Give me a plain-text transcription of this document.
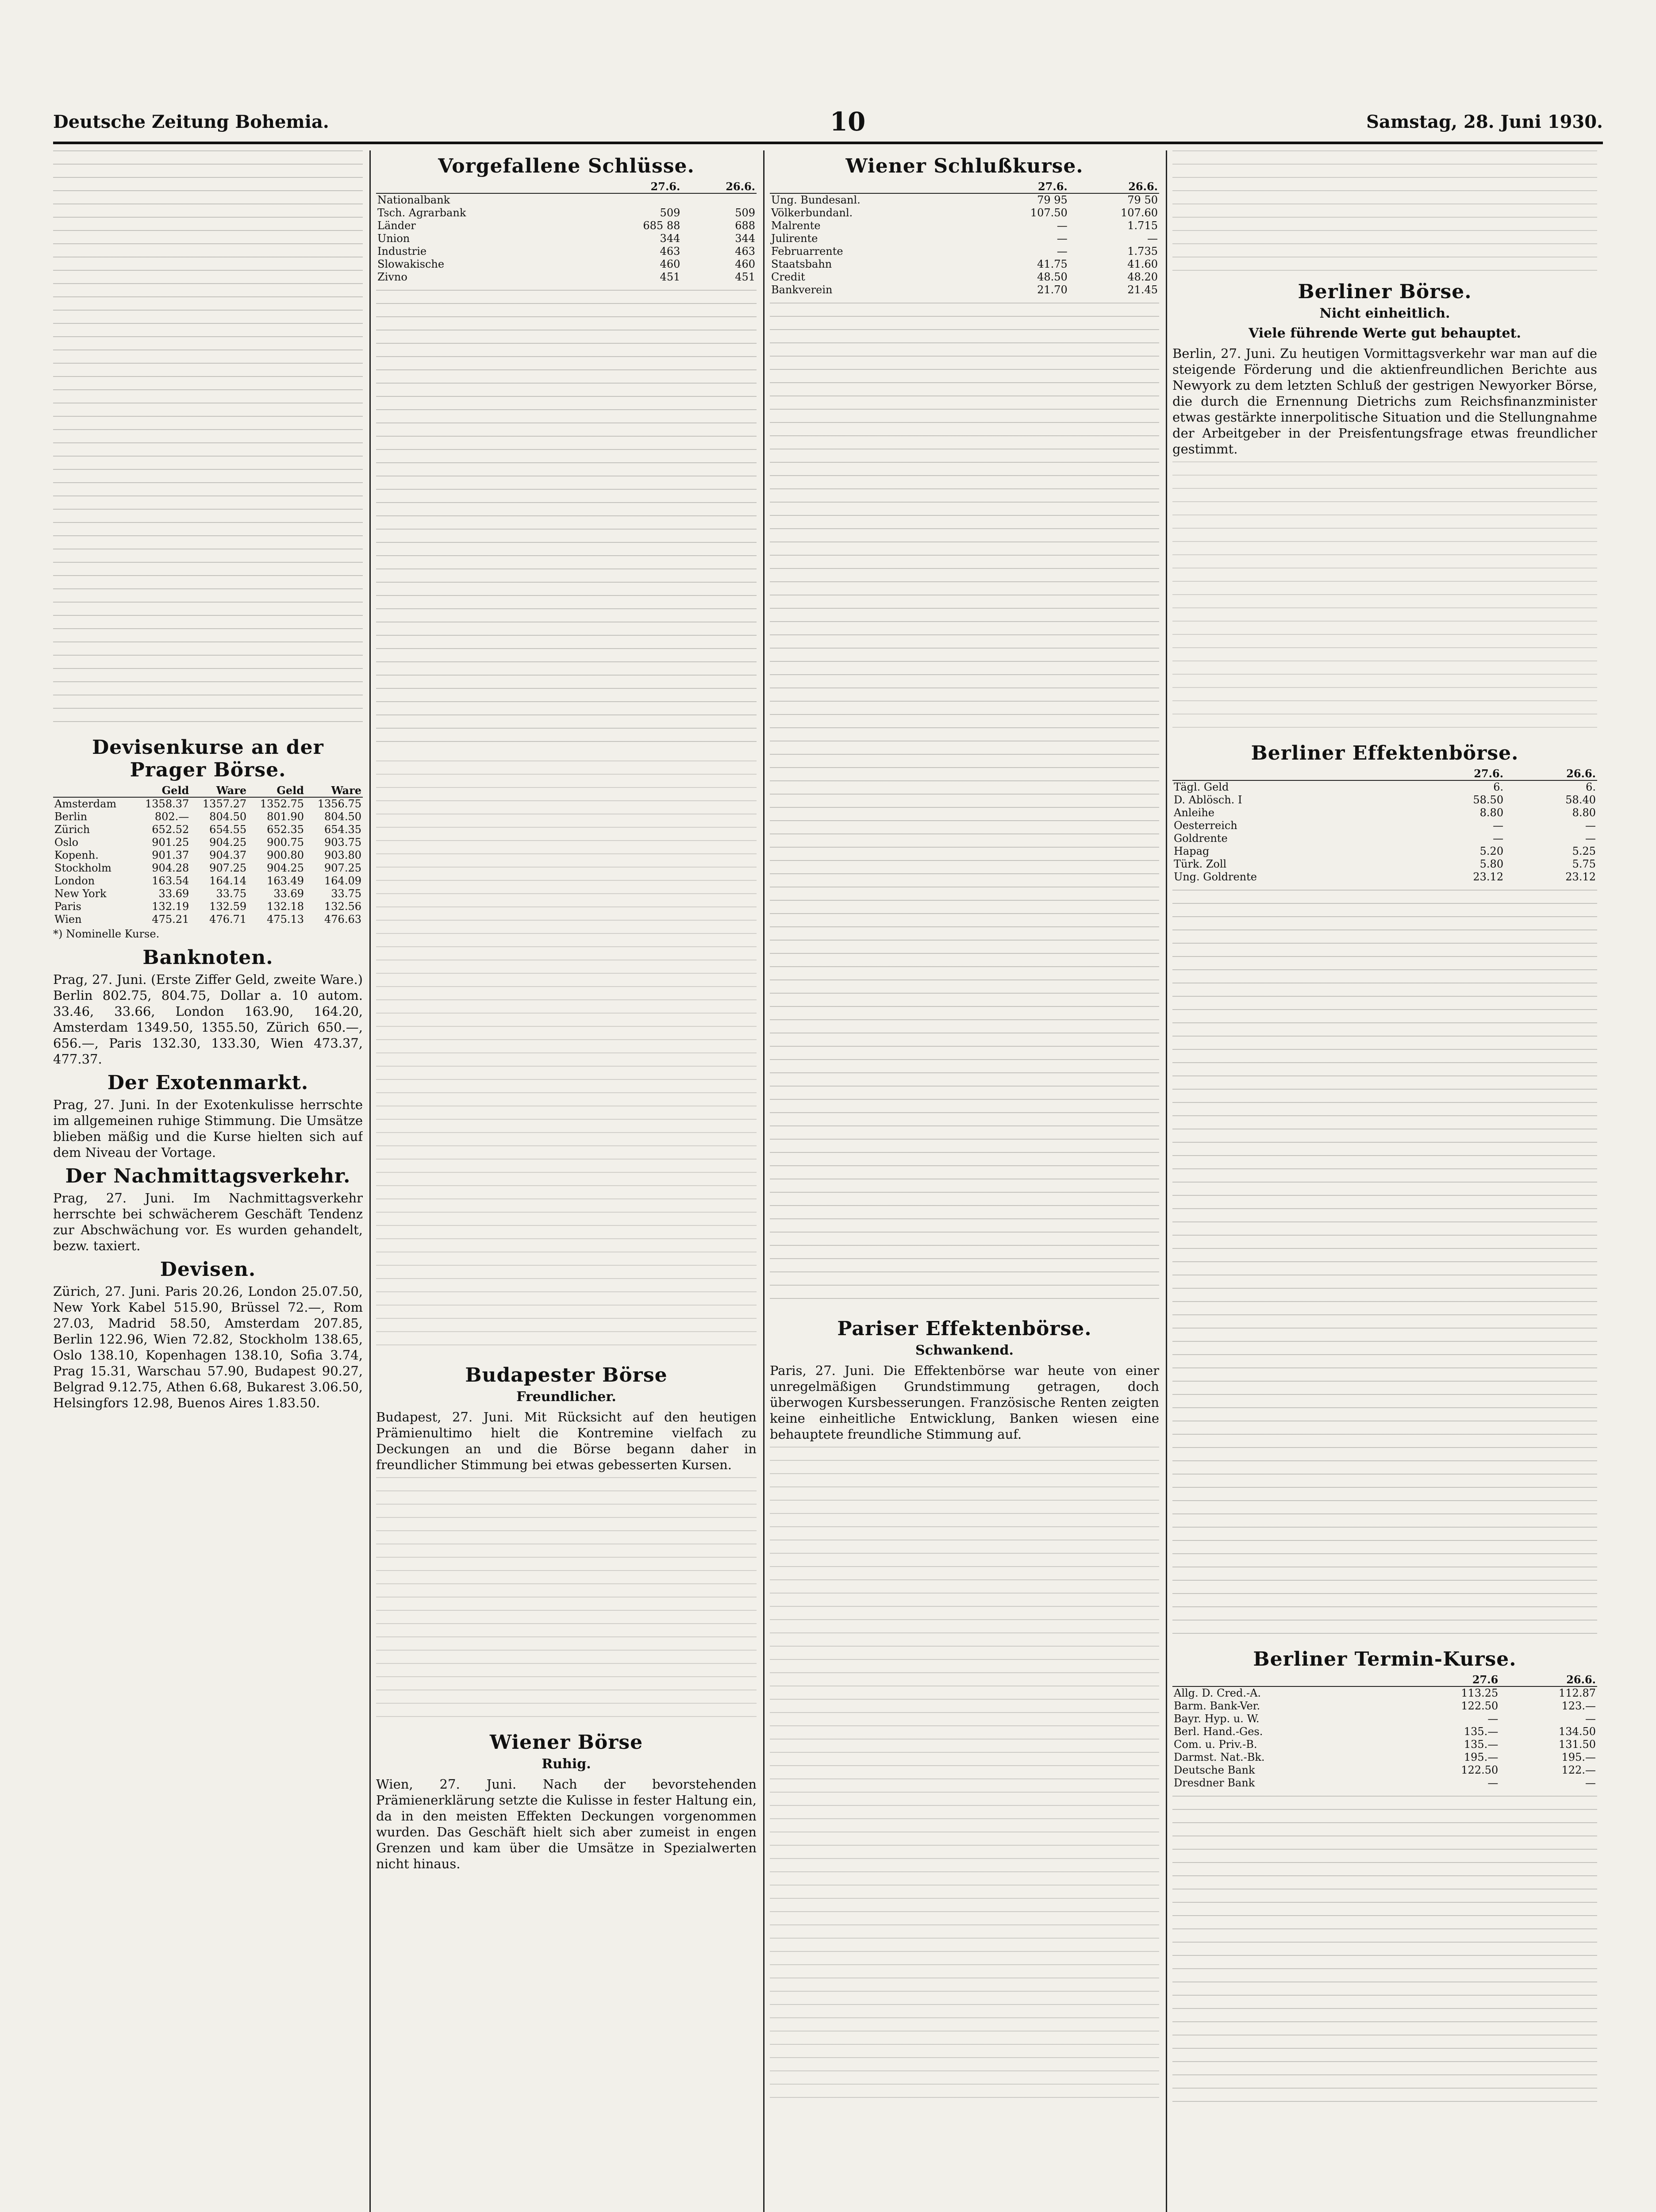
Deutsche Zeitung Bohemia.	10	Samstag, 28. Juni 1930.
Devisenkurse an der Prager Börse.
	Geld	Ware	Geld	Ware
Amsterdam	1358.37	1357.27	1352.75	1356.75
Berlin	802.—	804.50	801.90	804.50
Zürich	652.52	654.55	652.35	654.35
Oslo	901.25	904.25	900.75	903.75
Kopenh.	901.37	904.37	900.80	903.80
Stockholm	904.28	907.25	904.25	907.25
London	163.54	164.14	163.49	164.09
New York	33.69	33.75	33.69	33.75
Paris	132.19	132.59	132.18	132.56
Wien	475.21	476.71	475.13	476.63
*) Nominelle Kurse.
Banknoten.
Prag, 27. Juni. (Erste Ziffer Geld, zweite Ware.) Berlin 802.75, 804.75, Dollar a. 10 autom. 33.46, 33.66, London 163.90, 164.20, Amsterdam 1349.50, 1355.50, Zürich 650.—, 656.—, Paris 132.30, 133.30, Wien 473.37, 477.37.
Der Exotenmarkt.
Prag, 27. Juni. In der Exotenkulisse herrschte im allgemeinen ruhige Stimmung. Die Umsätze blieben mäßig und die Kurse hielten sich auf dem Niveau der Vortage.
Der Nachmittagsverkehr.
Prag, 27. Juni. Im Nachmittagsverkehr herrschte bei schwächerem Geschäft Tendenz zur Abschwächung vor. Es wurden gehandelt, bezw. taxiert.
Devisen.
Zürich, 27. Juni. Paris 20.26, London 25.07.50, New York Kabel 515.90, Brüssel 72.—, Rom 27.03, Madrid 58.50, Amsterdam 207.85, Berlin 122.96, Wien 72.82, Stockholm 138.65, Oslo 138.10, Kopenhagen 138.10, Sofia 3.74, Prag 15.31, Warschau 57.90, Budapest 90.27, Belgrad 9.12.75, Athen 6.68, Bukarest 3.06.50, Helsingfors 12.98, Buenos Aires 1.83.50.
Vorgefallene Schlüsse.
	27.6.	26.6.
Nationalbank		
Tsch. Agrarbank	509	509
Länder	685 88	688
Union	344	344
Industrie	463	463
Slowakische	460	460
Zivno	451	451
Budapester Börse
Freundlicher.
Budapest, 27. Juni. Mit Rücksicht auf den heutigen Prämienultimo hielt die Kontremine vielfach zu Deckungen an und die Börse begann daher in freundlicher Stimmung bei etwas gebesserten Kursen.
Wiener Börse
Ruhig.
Wien, 27. Juni. Nach der bevorstehenden Prämienerklärung setzte die Kulisse in fester Haltung ein, da in den meisten Effekten Deckungen vorgenommen wurden. Das Geschäft hielt sich aber zumeist in engen Grenzen und kam über die Umsätze in Spezialwerten nicht hinaus.
Wiener Schlußkurse.
	27.6.	26.6.
Ung. Bundesanl.	79 95	79 50
Völkerbundanl.	107.50	107.60
Malrente	—	1.715
Julirente	—	—
Februarrente	—	1.735
Staatsbahn	41.75	41.60
Credit	48.50	48.20
Bankverein	21.70	21.45
Pariser Effektenbörse.
Schwankend.
Paris, 27. Juni. Die Effektenbörse war heute von einer unregelmäßigen Grundstimmung getragen, doch überwogen Kursbesserungen. Französische Renten zeigten keine einheitliche Entwicklung, Banken wiesen eine behauptete freundliche Stimmung auf.
Berliner Börse.
Nicht einheitlich.
Viele führende Werte gut behauptet.
Berlin, 27. Juni. Zu heutigen Vormittagsverkehr war man auf die steigende Förderung und die aktienfreundlichen Berichte aus Newyork zu dem letzten Schluß der gestrigen Newyorker Börse, die durch die Ernennung Dietrichs zum Reichsfinanzminister etwas gestärkte innerpolitische Situation und die Stellungnahme der Arbeitgeber in der Preisfentungsfrage etwas freundlicher gestimmt.
Berliner Effektenbörse.
	27.6.	26.6.
Tägl. Geld	6.	6.
D. Ablösch. I	58.50	58.40
Anleihe	8.80	8.80
Oesterreich	—	—
Goldrente	—	—
Hapag	5.20	5.25
Türk. Zoll	5.80	5.75
Ung. Goldrente	23.12	23.12
Berliner Termin-Kurse.
	27.6	26.6.
Allg. D. Cred.-A.	113.25	112.87
Barm. Bank-Ver.	122.50	123.—
Bayr. Hyp. u. W.	—	—
Berl. Hand.-Ges.	135.—	134.50
Com. u. Priv.-B.	135.—	131.50
Darmst. Nat.-Bk.	195.—	195.—
Deutsche Bank	122.50	122.—
Dresdner Bank	—	—
